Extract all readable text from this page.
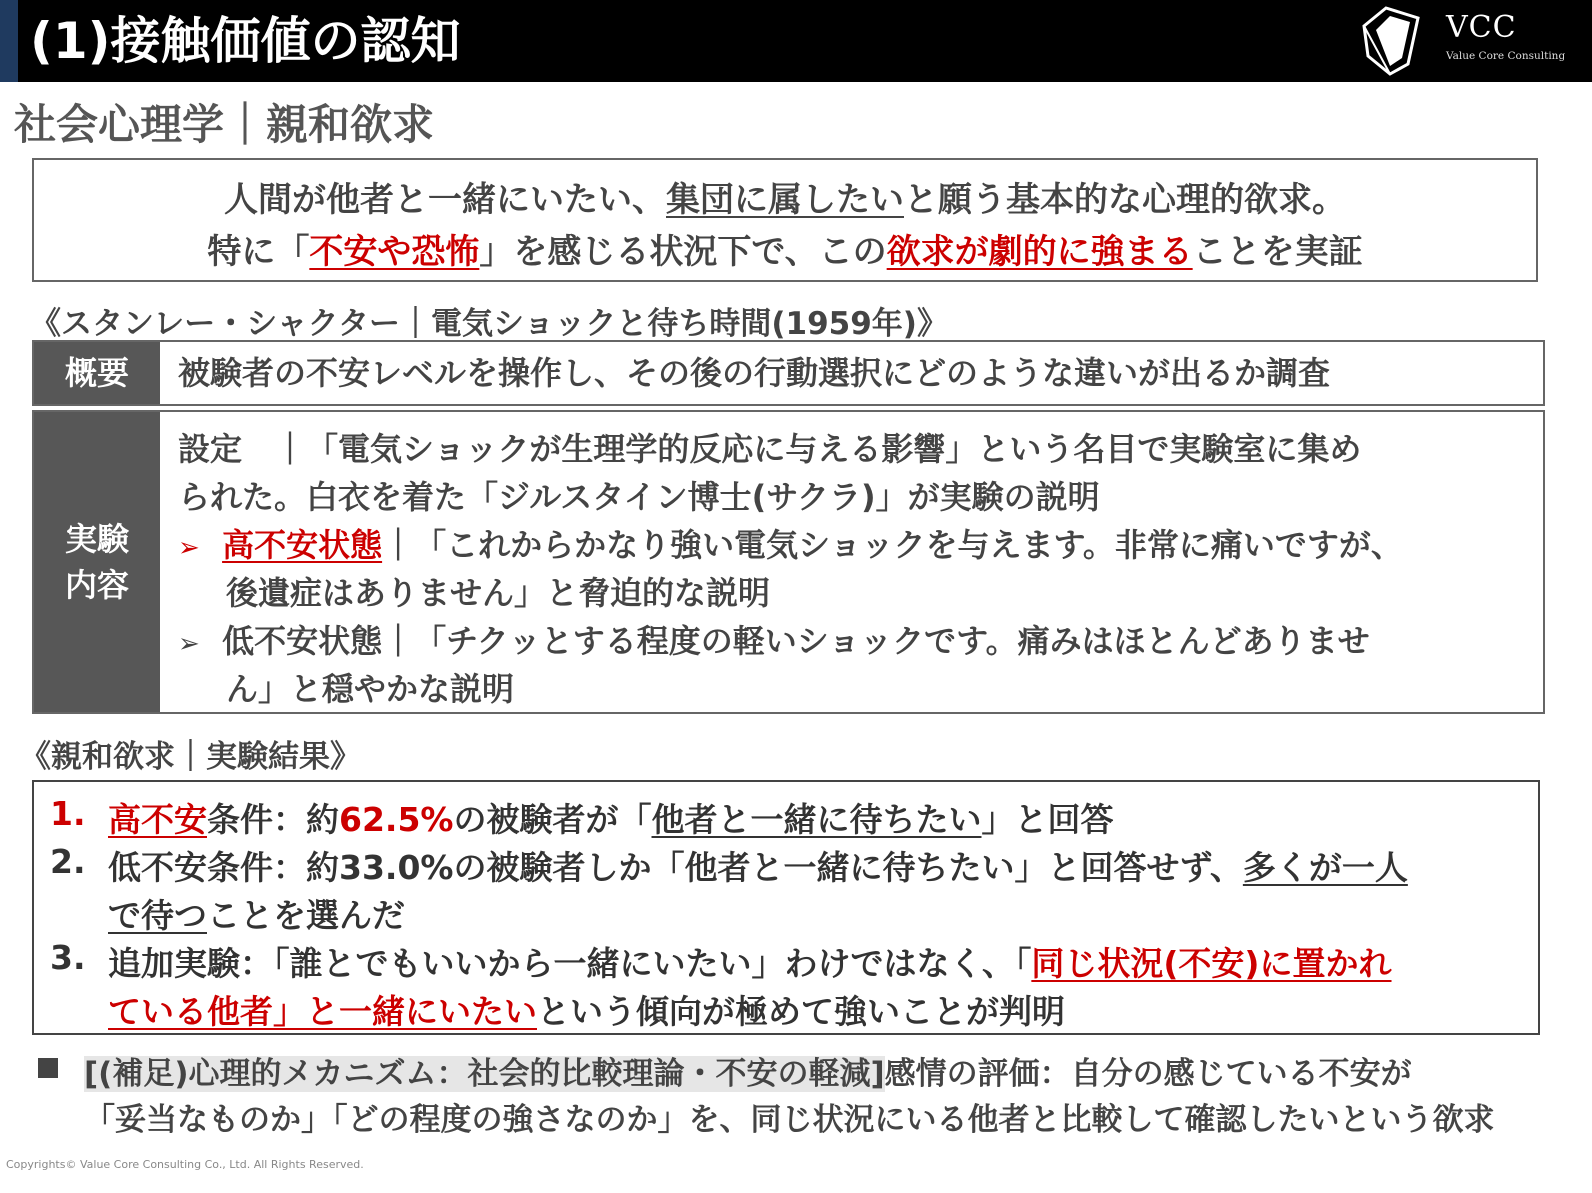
(1)接触価値の認知	VCC
Value Core Consulting
社会心理学｜親和欲求
人間が他者と一緒にいたい、集団に属したいと願う基本的な心理的欲求。
特に「不安や恐怖」を感じる状況下で、この欲求が劇的に強まることを実証
《スタンレー・シャクター｜電気ショックと待ち時間(1959年)》
概要	被験者の不安レベルを操作し、その後の行動選択にどのような違いが出るか調査
実験
内容
設定　｜「電気ショックが生理学的反応に与える影響」という名目で実験室に集め
られた。白衣を着た「ジルスタイン博士(サクラ)」が実験の説明
➢ 高不安状態｜「これからかなり強い電気ショックを与えます。非常に痛いですが、
後遺症はありません」と脅迫的な説明
➢ 低不安状態｜「チクッとする程度の軽いショックです。痛みはほとんどありませ
ん」と穏やかな説明
《親和欲求｜実験結果》
1. 高不安条件：約62.5%の被験者が「他者と一緒に待ちたい」と回答
2. 低不安条件：約33.0%の被験者しか「他者と一緒に待ちたい」と回答せず、多くが一人
で待つことを選んだ
3. 追加実験：「誰とでもいいから一緒にいたい」わけではなく、「同じ状況(不安)に置かれ
ている他者」と一緒にいたいという傾向が極めて強いことが判明
[(補足)心理的メカニズム：社会的比較理論・不安の軽減]感情の評価：自分の感じている不安が
「妥当なものか」「どの程度の強さなのか」を、同じ状況にいる他者と比較して確認したいという欲求
Copyrights© Value Core Consulting Co., Ltd. All Rights Reserved.
